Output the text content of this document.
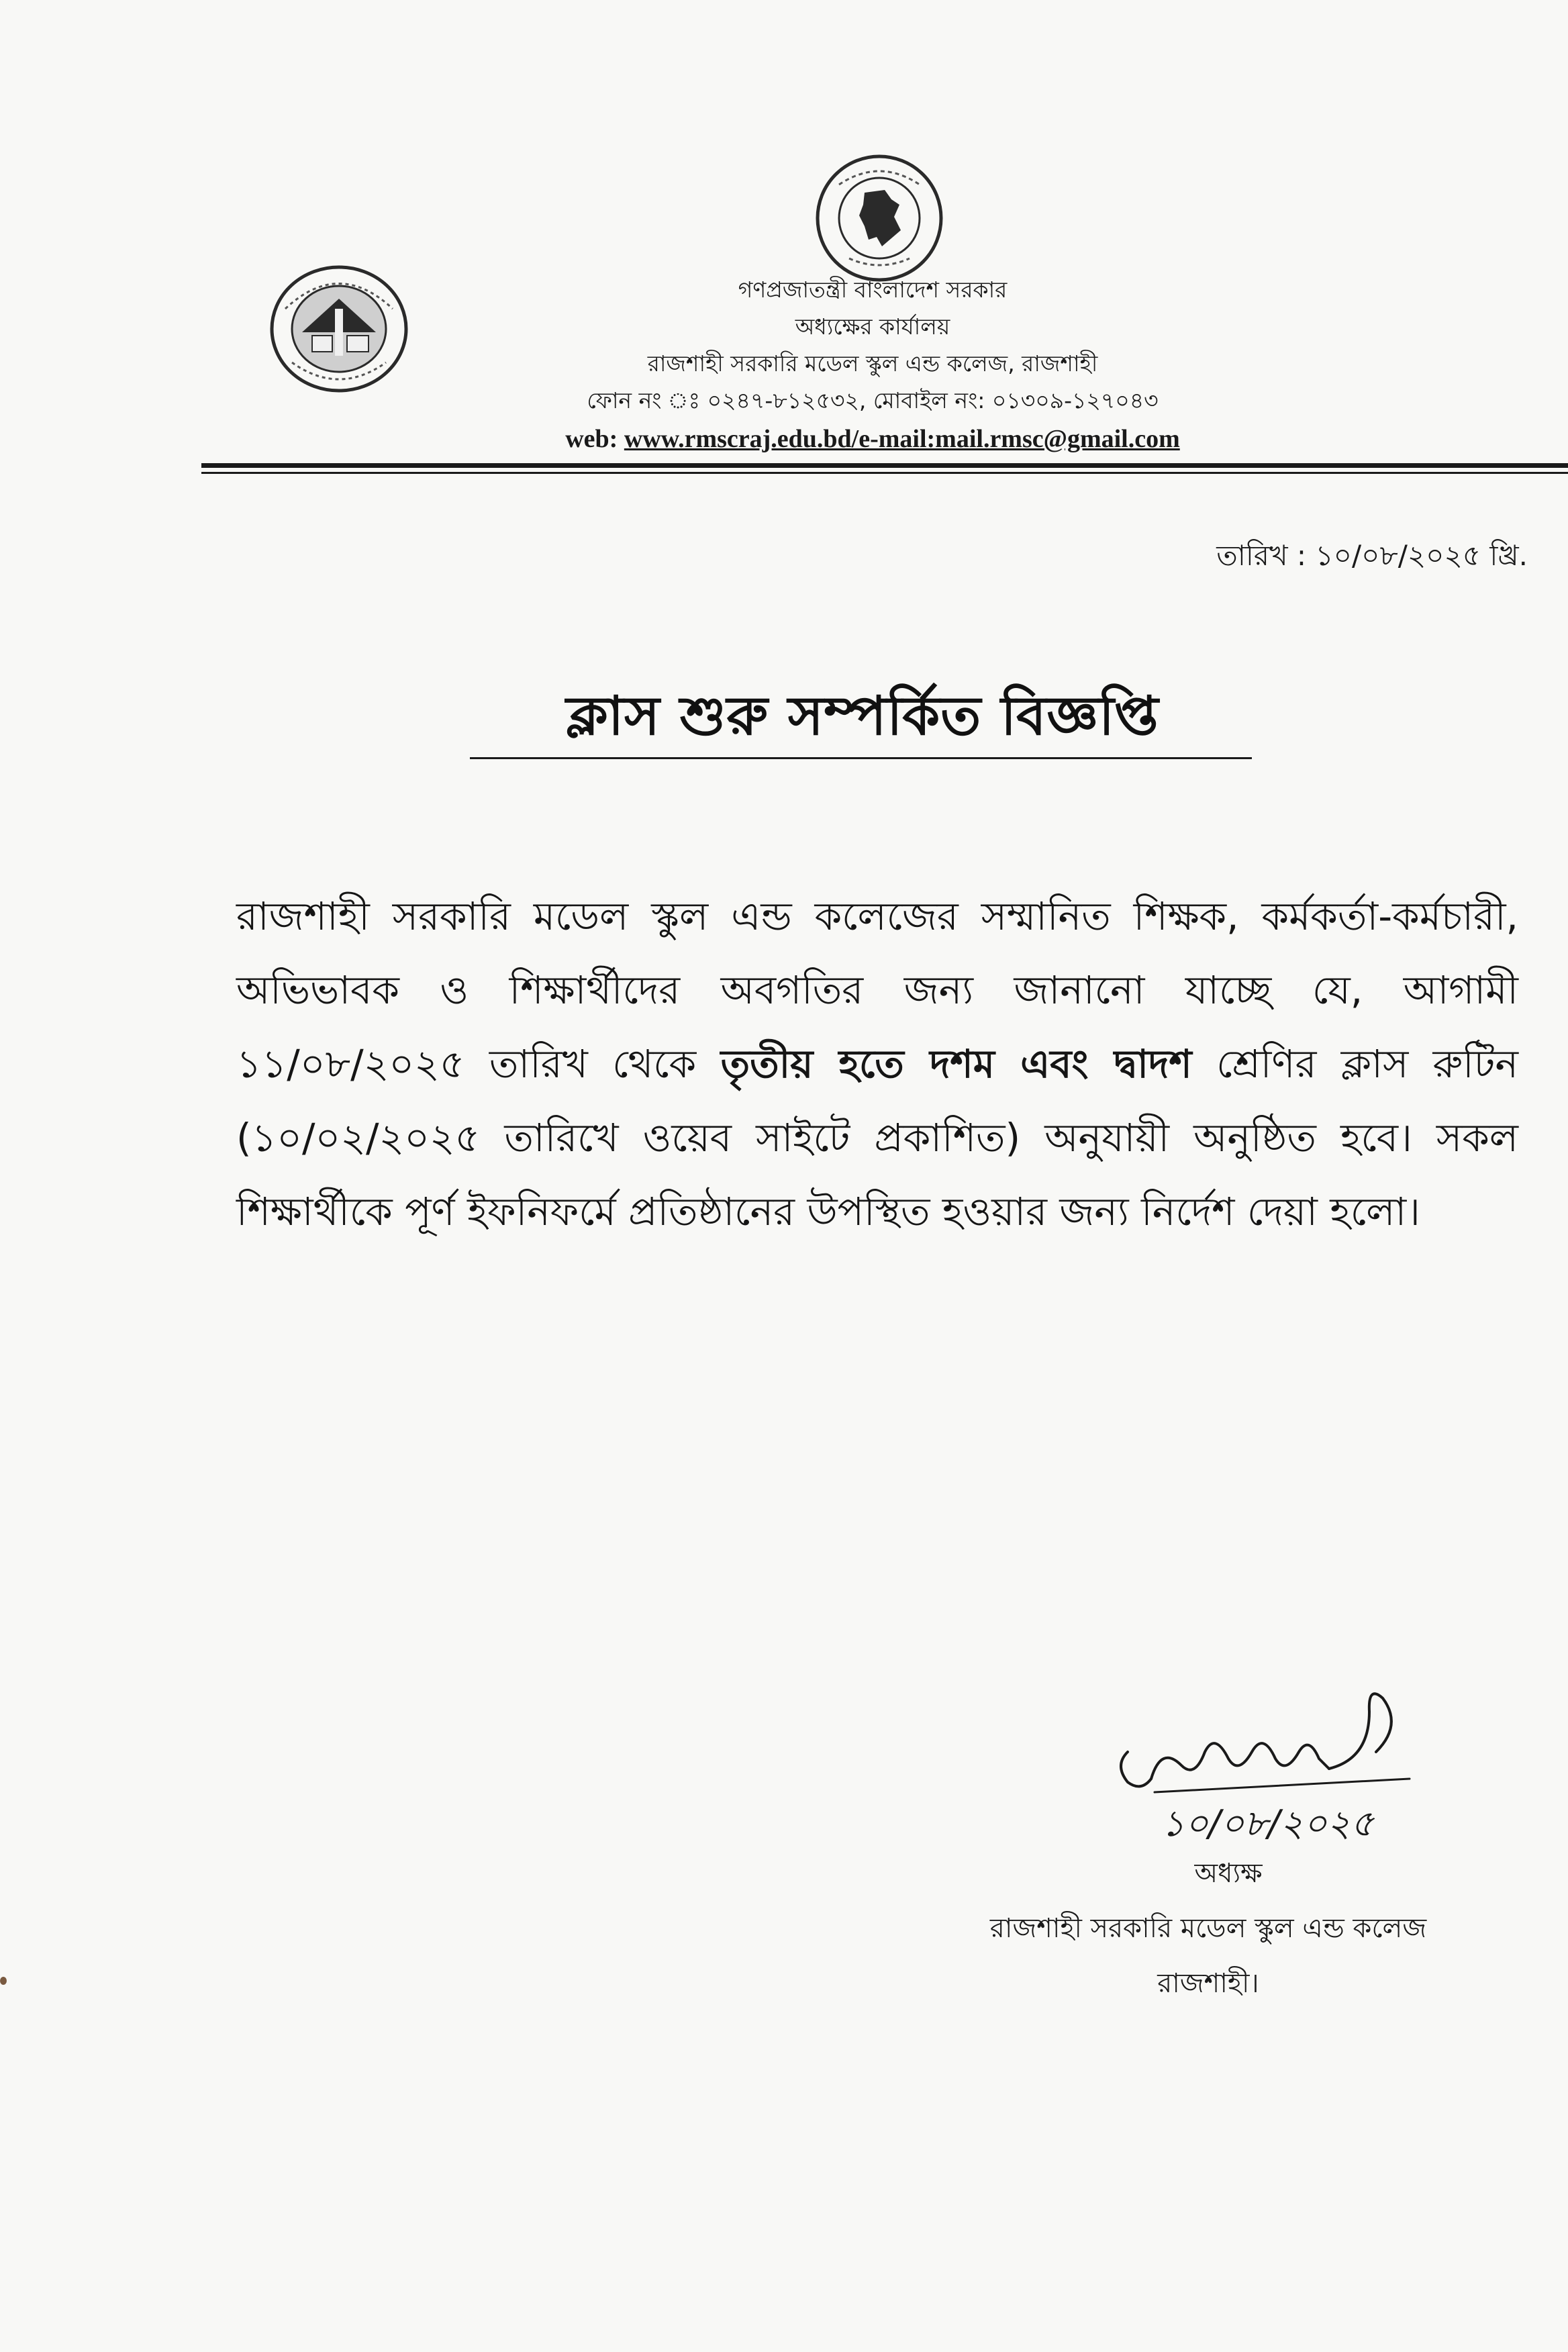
গণপ্রজাতন্ত্রী বাংলাদেশ সরকার
অধ্যক্ষের কার্যালয়
রাজশাহী সরকারি মডেল স্কুল এন্ড কলেজ, রাজশাহী
ফোন নং ঃ ০২৪৭-৮১২৫৩২, মোবাইল নং: ০১৩০৯-১২৭০৪৩
web: www.rmscraj.edu.bd/e-mail:mail.rmsc@gmail.com
তারিখ : ১০/০৮/২০২৫ খ্রি.
ক্লাস শুরু সম্পর্কিত বিজ্ঞপ্তি
রাজশাহী সরকারি মডেল স্কুল এন্ড কলেজের সম্মানিত শিক্ষক, কর্মকর্তা-কর্মচারী, অভিভাবক ও শিক্ষার্থীদের অবগতির জন্য জানানো যাচ্ছে যে, আগামী ১১/০৮/২০২৫ তারিখ থেকে তৃতীয় হতে দশম এবং দ্বাদশ শ্রেণির ক্লাস রুটিন (১০/০২/২০২৫ তারিখে ওয়েব সাইটে প্রকাশিত) অনুযায়ী অনুষ্ঠিত হবে। সকল শিক্ষার্থীকে পূর্ণ ইফনিফর্মে প্রতিষ্ঠানের উপস্থিত হওয়ার জন্য নির্দেশ দেয়া হলো।
১০/০৮/২০২৫
অধ্যক্ষ
রাজশাহী সরকারি মডেল স্কুল এন্ড কলেজ
রাজশাহী।
